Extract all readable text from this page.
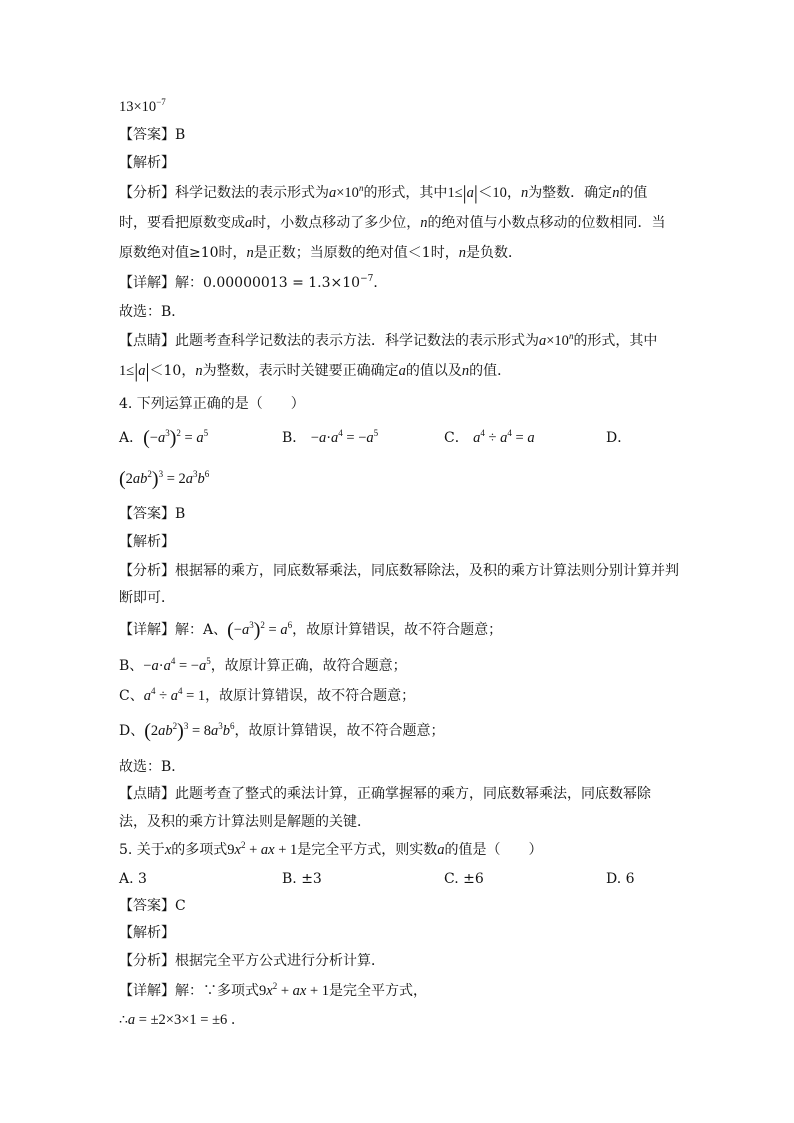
$13\times 10^{-7}$
【答案】B
【解析】
【分析】科学记数法的表示形式为$a\times 10^n$的形式，其中1≤|a|＜10，n为整数．确定n的值
时，要看把原数变成a时，小数点移动了多少位，n的绝对值与小数点移动的位数相同．当
原数绝对值≥10时，n是正数；当原数的绝对值＜1时，n是负数．
【详解】解：$0.00000013 = 1.3\times 10^{-7}$．
故选：B．
【点睛】此题考查科学记数法的表示方法．科学记数法的表示形式为$a\times 10^n$的形式，其中
1≤|a|＜10，n为整数，表示时关键要正确确定a的值以及n的值．
4. 下列运算正确的是（　　）
A．$(-a^3)^2 = a^5$	B． $-a\cdot a^4 = -a^5$	C． $a^4 \div a^4 = a$	D．
$(2ab^2)^3 = 2a^3b^6$
【答案】B
【解析】
【分析】根据幂的乘方，同底数幂乘法，同底数幂除法，及积的乘方计算法则分别计算并判
断即可．
【详解】解：A、$(-a^3)^2 = a^6$，故原计算错误，故不符合题意；
B、$-a\cdot a^4 = -a^5$，故原计算正确，故符合题意；
C、$a^4 \div a^4 = 1$，故原计算错误，故不符合题意；
D、$(2ab^2)^3 = 8a^3b^6$，故原计算错误，故不符合题意；
故选：B．
【点睛】此题考查了整式的乘法计算，正确掌握幂的乘方，同底数幂乘法，同底数幂除
法，及积的乘方计算法则是解题的关键．
5. 关于x的多项式$9x^2$ + ax + 1是完全平方式，则实数a的值是（　　）
A. 3	B. ±3	C. ±6	D. 6
【答案】C
【解析】
【分析】根据完全平方公式进行分析计算．
【详解】解：∵多项式$9x^2$ + ax + 1是完全平方式，
∴a = ±2×3×1 = ±6 ．
